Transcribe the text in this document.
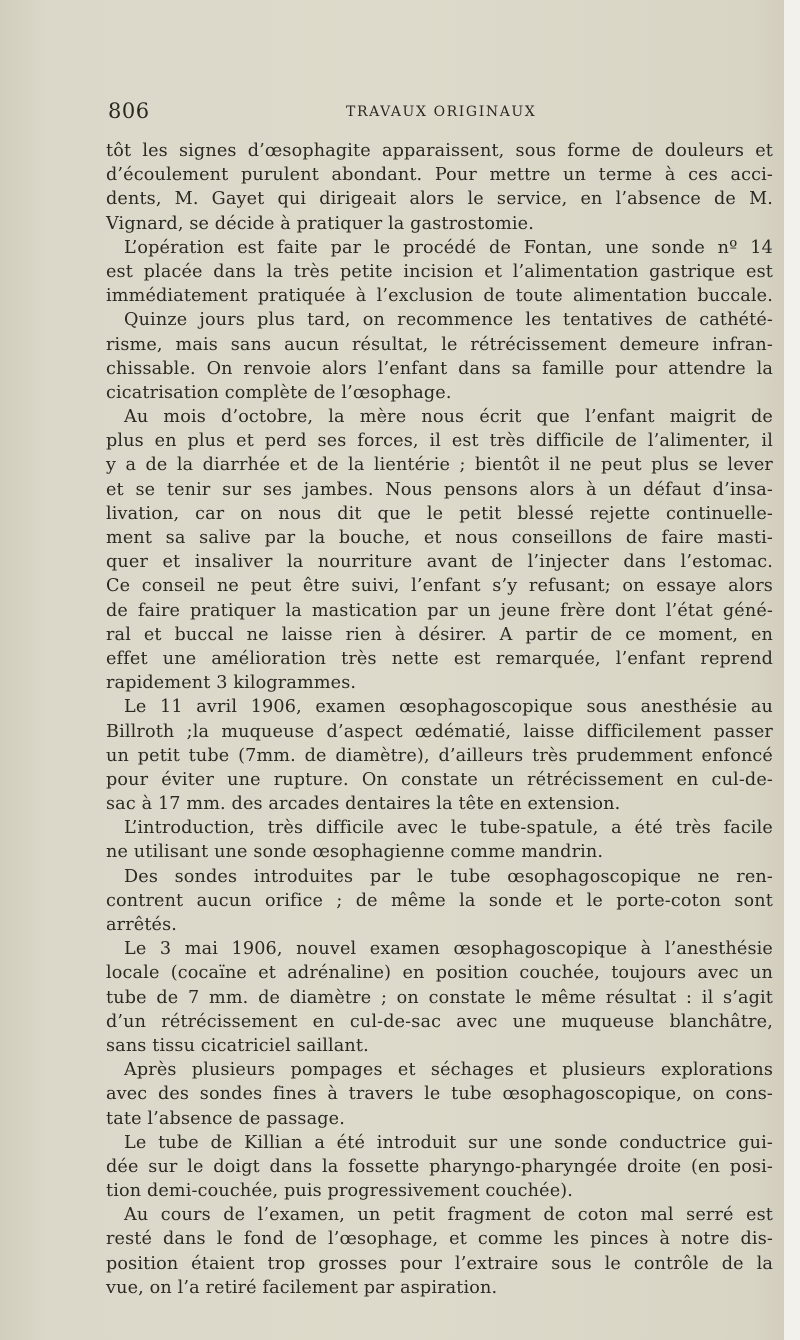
806	TRAVAUX ORIGINAUX
tôt les signes d’œsophagite apparaissent, sous forme de douleurs et
d’écoulement purulent abondant. Pour mettre un terme à ces acci-
dents, M. Gayet qui dirigeait alors le service, en l’absence de M.
Vignard, se décide à pratiquer la gastrostomie.
L’opération est faite par le procédé de Fontan, une sonde nº 14
est placée dans la très petite incision et l’alimentation gastrique est
immédiatement pratiquée à l’exclusion de toute alimentation buccale.
Quinze jours plus tard, on recommence les tentatives de cathété-
risme, mais sans aucun résultat, le rétrécissement demeure infran-
chissable. On renvoie alors l’enfant dans sa famille pour attendre la
cicatrisation complète de l’œsophage.
Au mois d’octobre, la mère nous écrit que l’enfant maigrit de
plus en plus et perd ses forces, il est très difficile de l’alimenter, il
y a de la diarrhée et de la lientérie ; bientôt il ne peut plus se lever
et se tenir sur ses jambes. Nous pensons alors à un défaut d’insa-
livation, car on nous dit que le petit blessé rejette continuelle-
ment sa salive par la bouche, et nous conseillons de faire masti-
quer et insaliver la nourriture avant de l’injecter dans l’estomac.
Ce conseil ne peut être suivi, l’enfant s’y refusant; on essaye alors
de faire pratiquer la mastication par un jeune frère dont l’état géné-
ral et buccal ne laisse rien à désirer. A partir de ce moment, en
effet une amélioration très nette est remarquée, l’enfant reprend
rapidement 3 kilogrammes.
Le 11 avril 1906, examen œsophagoscopique sous anesthésie au
Billroth ;la muqueuse d’aspect œdématié, laisse difficilement passer
un petit tube (7mm. de diamètre), d’ailleurs très prudemment enfoncé
pour éviter une rupture. On constate un rétrécissement en cul-de-
sac à 17 mm. des arcades dentaires la tête en extension.
L’introduction, très difficile avec le tube-spatule, a été très facile
ne utilisant une sonde œsophagienne comme mandrin.
Des sondes introduites par le tube œsophagoscopique ne ren-
contrent aucun orifice ; de même la sonde et le porte-coton sont
arrêtés.
Le 3 mai 1906, nouvel examen œsophagoscopique à l’anesthésie
locale (cocaïne et adrénaline) en position couchée, toujours avec un
tube de 7 mm. de diamètre ; on constate le même résultat : il s’agit
d’un rétrécissement en cul-de-sac avec une muqueuse blanchâtre,
sans tissu cicatriciel saillant.
Après plusieurs pompages et séchages et plusieurs explorations
avec des sondes fines à travers le tube œsophagoscopique, on cons-
tate l’absence de passage.
Le tube de Killian a été introduit sur une sonde conductrice gui-
dée sur le doigt dans la fossette pharyngo-pharyngée droite (en posi-
tion demi-couchée, puis progressivement couchée).
Au cours de l’examen, un petit fragment de coton mal serré est
resté dans le fond de l’œsophage, et comme les pinces à notre dis-
position étaient trop grosses pour l’extraire sous le contrôle de la
vue, on l’a retiré facilement par aspiration.
